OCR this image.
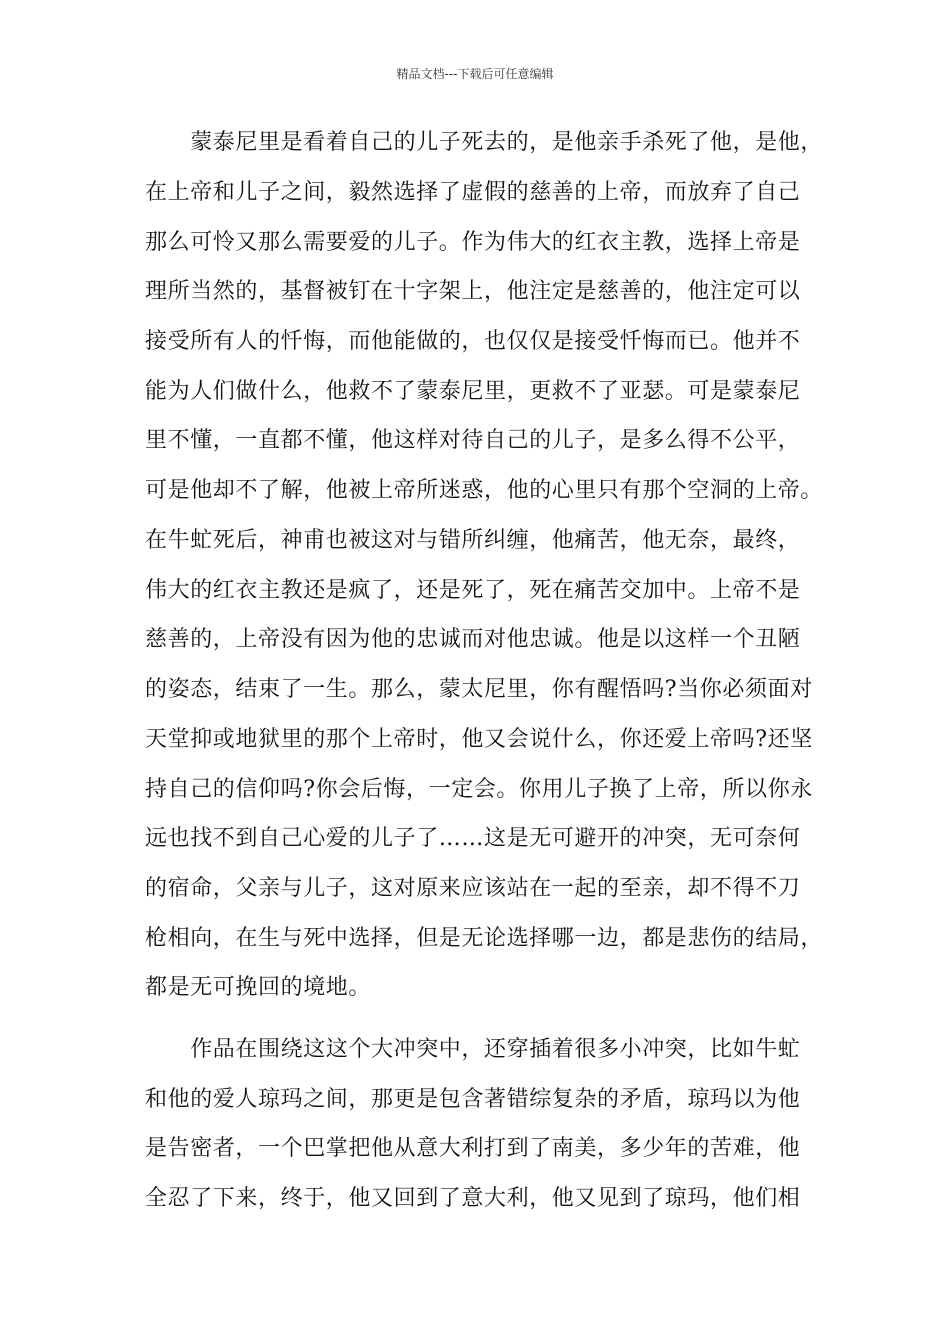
精品文档---下载后可任意编辑
　　蒙泰尼里是看着自己的儿子死去的，是他亲手杀死了他，是他，
在上帝和儿子之间，毅然选择了虚假的慈善的上帝，而放弃了自己
那么可怜又那么需要爱的儿子。作为伟大的红衣主教，选择上帝是
理所当然的，基督被钉在十字架上，他注定是慈善的，他注定可以
接受所有人的忏悔，而他能做的，也仅仅是接受忏悔而已。他并不
能为人们做什么，他救不了蒙泰尼里，更救不了亚瑟。可是蒙泰尼
里不懂，一直都不懂，他这样对待自己的儿子，是多么得不公平，
可是他却不了解，他被上帝所迷惑，他的心里只有那个空洞的上帝。
在牛虻死后，神甫也被这对与错所纠缠，他痛苦，他无奈，最终，
伟大的红衣主教还是疯了，还是死了，死在痛苦交加中。上帝不是
慈善的，上帝没有因为他的忠诚而对他忠诚。他是以这样一个丑陋
的姿态，结束了一生。那么，蒙太尼里，你有醒悟吗?当你必须面对
天堂抑或地狱里的那个上帝时，他又会说什么，你还爱上帝吗?还坚
持自己的信仰吗?你会后悔，一定会。你用儿子换了上帝，所以你永
远也找不到自己心爱的儿子了……这是无可避开的冲突，无可奈何
的宿命，父亲与儿子，这对原来应该站在一起的至亲，却不得不刀
枪相向，在生与死中选择，但是无论选择哪一边，都是悲伤的结局，
都是无可挽回的境地。
　　作品在围绕这这个大冲突中，还穿插着很多小冲突，比如牛虻
和他的爱人琼玛之间，那更是包含著错综复杂的矛盾，琼玛以为他
是告密者，一个巴掌把他从意大利打到了南美，多少年的苦难，他
全忍了下来，终于，他又回到了意大利，他又见到了琼玛，他们相
